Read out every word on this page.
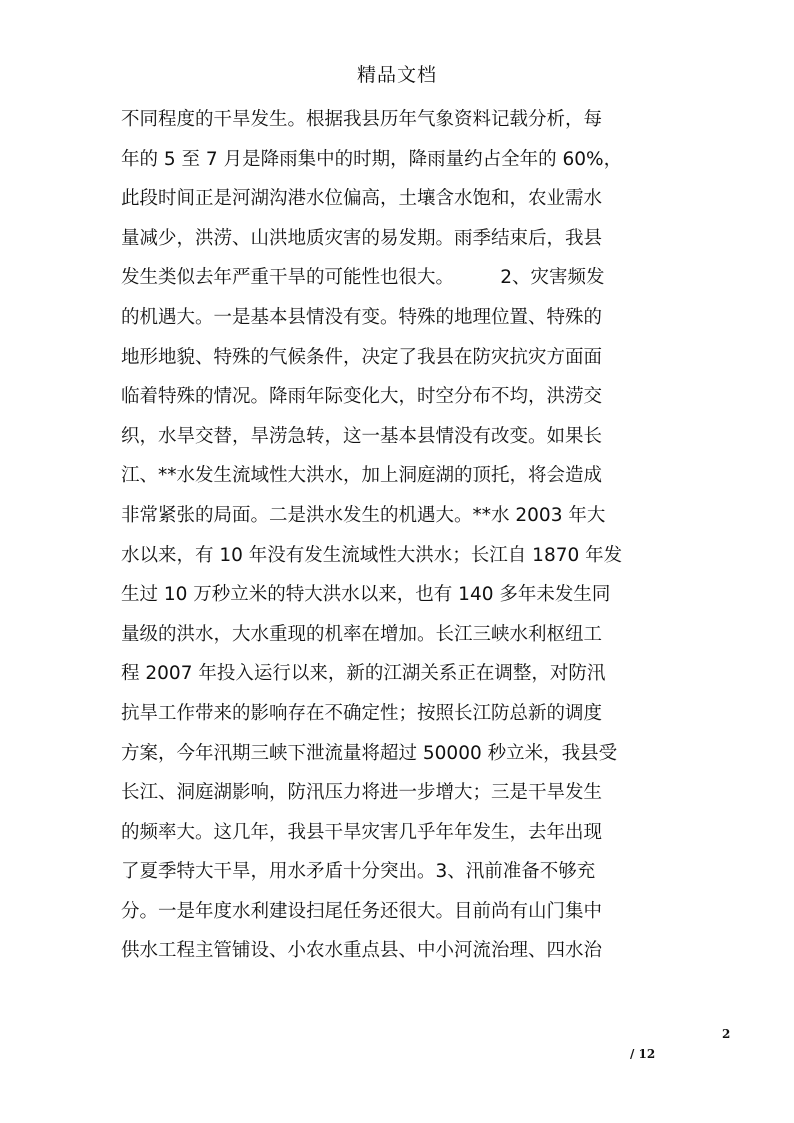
精品文档
不同程度的干旱发生。根据我县历年气象资料记载分析，每
年的 5 至 7 月是降雨集中的时期，降雨量约占全年的 60%，
此段时间正是河湖沟港水位偏高，土壤含水饱和，农业需水
量减少，洪涝、山洪地质灾害的易发期。雨季结束后，我县
发生类似去年严重干旱的可能性也很大。　　　2、灾害频发
的机遇大。一是基本县情没有变。特殊的地理位置、特殊的
地形地貌、特殊的气候条件，决定了我县在防灾抗灾方面面
临着特殊的情况。降雨年际变化大，时空分布不均，洪涝交
织，水旱交替，旱涝急转，这一基本县情没有改变。如果长
江、**水发生流域性大洪水，加上洞庭湖的顶托，将会造成
非常紧张的局面。二是洪水发生的机遇大。**水 2003 年大
水以来，有 10 年没有发生流域性大洪水；长江自 1870 年发
生过 10 万秒立米的特大洪水以来，也有 140 多年未发生同
量级的洪水，大水重现的机率在增加。长江三峡水利枢纽工
程 2007 年投入运行以来，新的江湖关系正在调整，对防汛
抗旱工作带来的影响存在不确定性；按照长江防总新的调度
方案，今年汛期三峡下泄流量将超过 50000 秒立米，我县受
长江、洞庭湖影响，防汛压力将进一步增大；三是干旱发生
的频率大。这几年，我县干旱灾害几乎年年发生，去年出现
了夏季特大干旱，用水矛盾十分突出。3、汛前准备不够充
分。一是年度水利建设扫尾任务还很大。目前尚有山门集中
供水工程主管铺设、小农水重点县、中小河流治理、四水治
2
/ 12
